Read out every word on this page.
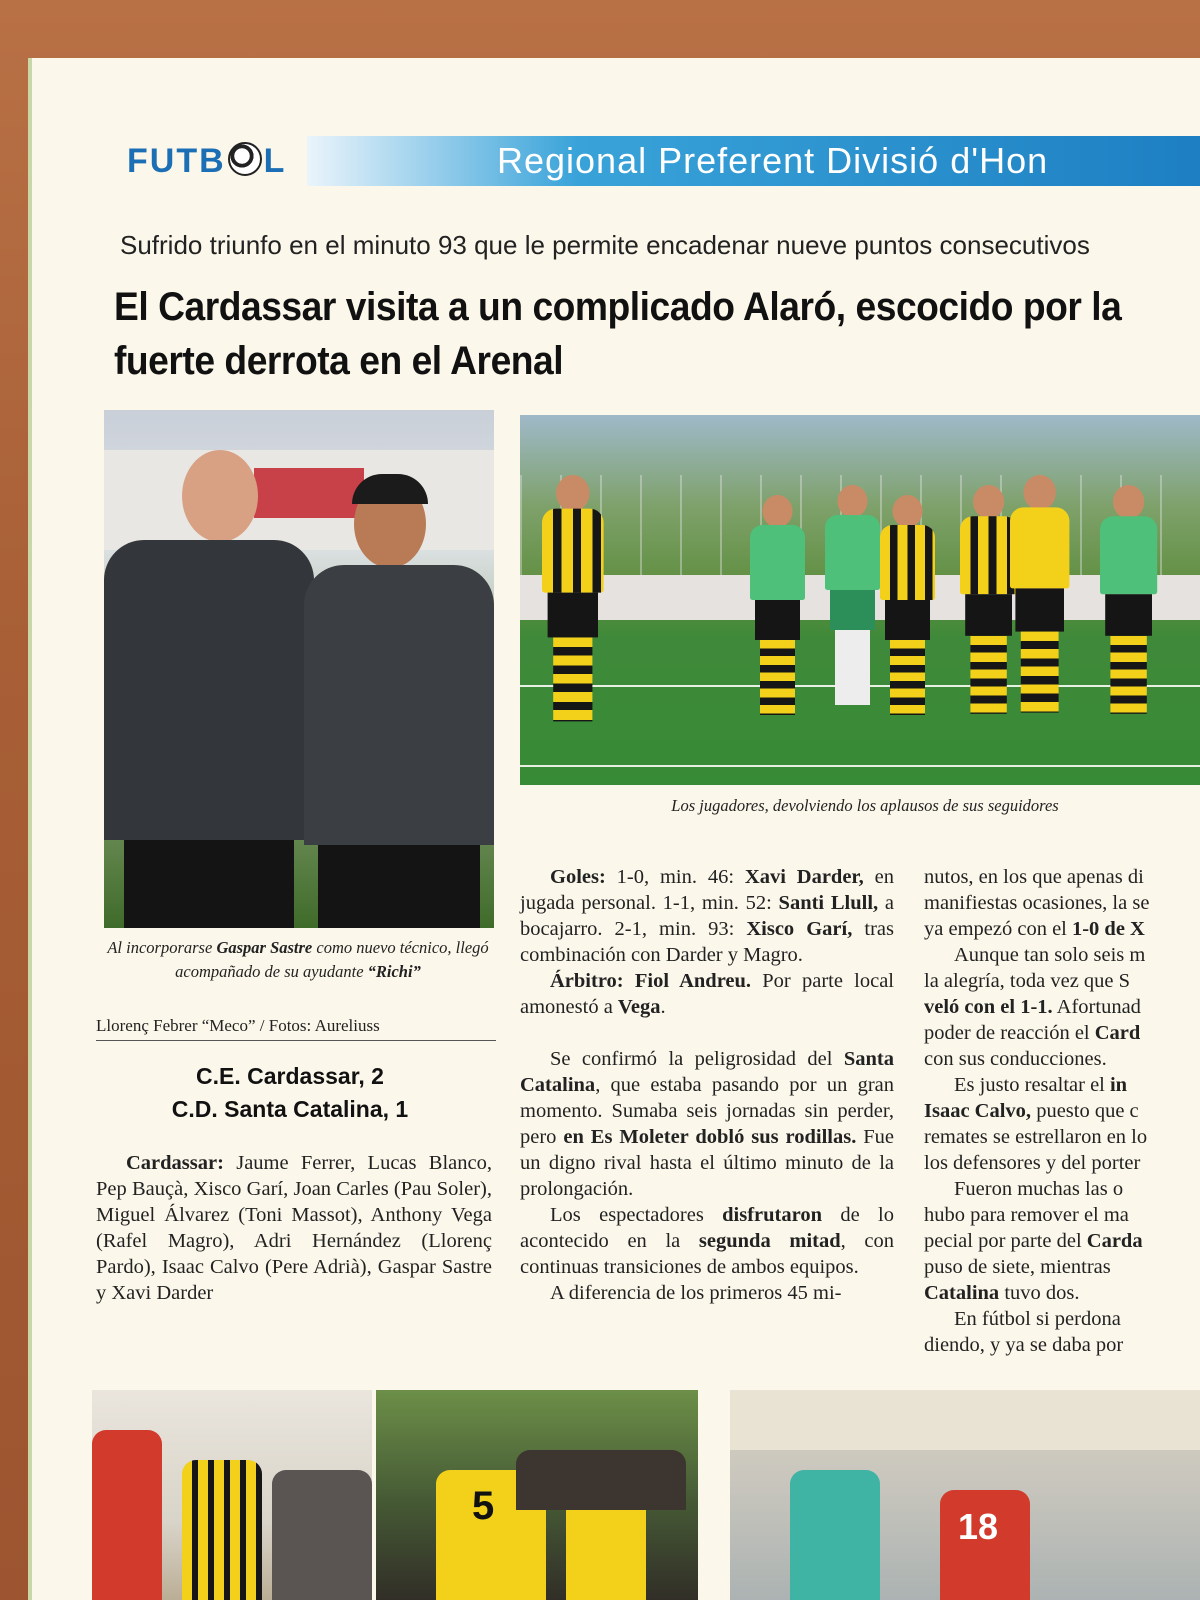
FUTB L	Regional Preferent Divisió d'Hon
Sufrido triunfo en el minuto 93 que le permite encadenar nueve puntos consecutivos
El Cardassar visita a un complicado Alaró, escocido por la fuerte derrota en el Arenal
Al incorporarse Gaspar Sastre como nuevo técnico, llegó acompañado de su ayudante “Richi”
Los jugadores, devolviendo los aplausos de sus seguidores
Llorenç Febrer “Meco” / Fotos: Aureliuss
C.E. Cardassar, 2
C.D. Santa Catalina, 1

Cardassar: Jaume Ferrer, Lucas Blanco, Pep Bauçà, Xisco Garí, Joan Carles (Pau Soler), Miguel Álvarez (Toni Massot), Anthony Vega (Rafel Magro), Adri Hernández (Llorenç Pardo), Isaac Calvo (Pere Adrià), Gaspar Sastre y Xavi Darder

Goles: 1-0, min. 46: Xavi Darder, en jugada personal. 1-1, min. 52: Santi Llull, a bocajarro. 2-1, min. 93: Xisco Garí, tras combinación con Darder y Magro.

Árbitro: Fiol Andreu. Por parte local amonestó a Vega.

Se confirmó la peligrosidad del Santa Catalina, que estaba pasando por un gran momento. Sumaba seis jornadas sin perder, pero en Es Moleter dobló sus rodillas. Fue un digno rival hasta el último minuto de la prolongación.

Los espectadores disfrutaron de lo acontecido en la segunda mitad, con continuas transiciones de ambos equipos.

A diferencia de los primeros 45 mi-

nutos, en los que apenas di
manifiestas ocasiones, la se
ya empezó con el 1-0 de X
Aunque tan solo seis m
la alegría, toda vez que S
veló con el 1-1. Afortunad
poder de reacción el Card
con sus conducciones.
Es justo resaltar el in
Isaac Calvo, puesto que c
remates se estrellaron en lo
los defensores y del porter
Fueron muchas las o
hubo para remover el ma
pecial por parte del Carda
puso de siete, mientras
Catalina tuvo dos.
En fútbol si perdona
diendo, y ya se daba por
5	18
